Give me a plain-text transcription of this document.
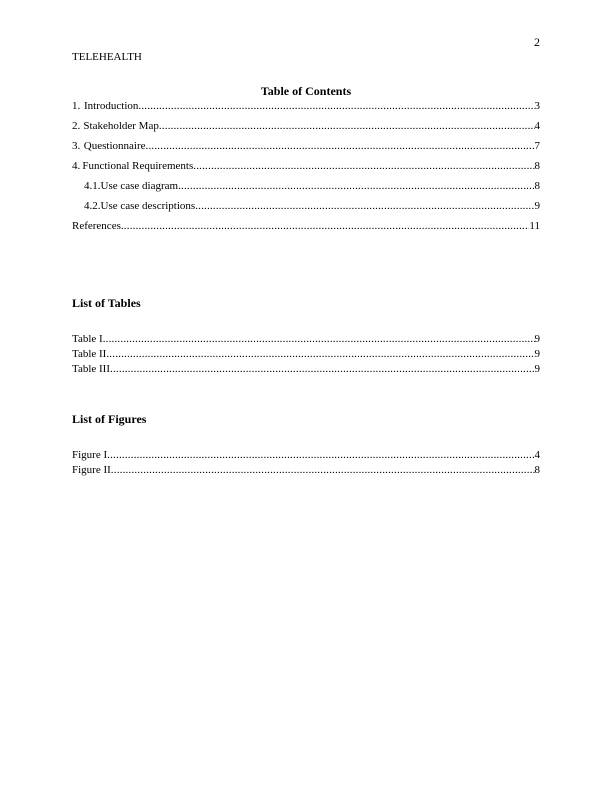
2
TELEHEALTH
Table of Contents
1. Introduction .....	3
2. Stakeholder Map .....	4
3. Questionnaire .....	7
4. Functional Requirements .....	8
4.1. Use case diagram .....	8
4.2. Use case descriptions .....	9
References .....	11
List of Tables
Table I .....	9
Table II .....	9
Table III .....	9
List of Figures
Figure I .....	4
Figure II .....	8
